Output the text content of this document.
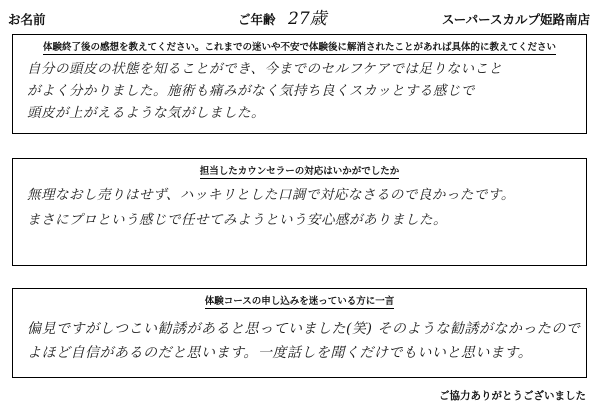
お名前	ご年齢 27歳	スーパースカルプ姫路南店
体験終了後の感想を教えてください。これまでの迷いや不安で体験後に解消されたことがあれば具体的に教えてください
自分の頭皮の状態を知ることができ、今までのセルフケアでは足りないこと
がよく分かりました。施術も痛みがなく気持ち良くスカッとする感じで
頭皮が上がえるような気がしました。
担当したカウンセラーの対応はいかがでしたか
無理なおし売りはせず、ハッキリとした口調で対応なさるので良かったです。
まさにプロという感じで任せてみようという安心感がありました。
体験コースの申し込みを迷っている方に一言
偏見ですがしつこい勧誘があると思っていました(笑) そのような勧誘がなかったので
よほど自信があるのだと思います。一度話しを聞くだけでもいいと思います。
ご協力ありがとうございました
